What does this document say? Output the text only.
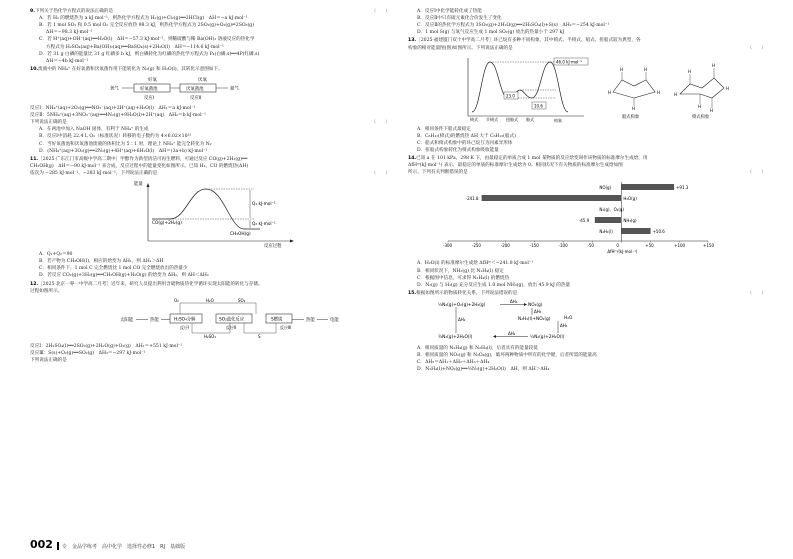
9.下列关于热化学方程式的说法正确的是	（　　）
A．若 H₂ 的燃烧热为 a kJ·mol⁻¹，则热化学方程式为 H₂(g)+Cl₂(g)══2HCl(g)　ΔH＝−a kJ·mol⁻¹
B．若 1 mol SO₂ 和 0.5 mol O₂ 完全反应放热 98.3 kJ，则热化学方程式为 2SO₂(g)+O₂(g)⇌2SO₃(g)
ΔH＝−98.3 kJ·mol⁻¹
C．若 H⁺(aq)+OH⁻(aq)══H₂O(l)　ΔH＝−57.3 kJ·mol⁻¹，则稀硫酸与稀 Ba(OH)₂ 溶液反应的热化学
方程式为 H₂SO₄(aq)+Ba(OH)₂(aq)══BaSO₄(s)+2H₂O(l)　ΔH＝−114.6 kJ·mol⁻¹
D．若 31 g 白磷的能量比 31 g 红磷多 b kJ，则白磷转化为红磷的热化学方程式为 P₄(白磷,s)══4P(红磷,s)
ΔH＝−4b kJ·mol⁻¹
10.废液中的 NH₄⁺ 在好氧菌和厌氧菌作用下能转化为 N₂(g) 和 H₂O(l)，其转化示意图如下。
好氧	厌氧
好氧菌池	厌氧菌池
氧气	氮气
反应Ⅰ	反应Ⅱ
反应Ⅰ：NH₄⁺(aq)+2O₂(g)══NO₃⁻(aq)+2H⁺(aq)+H₂O(l)　ΔH₁＝a kJ·mol⁻¹
反应Ⅱ：5NH₄⁺(aq)+3NO₃⁻(aq)══4N₂(g)+9H₂O(l)+2H⁺(aq)　ΔH₂＝b kJ·mol⁻¹
下列说法正确的是	（　　）
A．在两池中加入 NaOH 固体，有利于 NH₄⁺ 的生成
B．反应Ⅰ中消耗 22.4 L O₂（标准状况）转移的电子数约为 4×6.02×10²³
C．当好氧菌池和厌氧菌池废液的体积比为 5∶1 时，理论上 NH₄⁺ 能完全转化为 N₂
D．(NH₄⁺(aq)+3O₂(g)══2N₂(g)+4H⁺(aq)+6H₂O(l)　ΔH＝(3a+b) kJ·mol⁻¹
11.［2025·广东江门市高级中学高二期中］甲醇作为新型清洁可再生燃料，可通过反应 CO(g)+2H₂(g)══
CH₃OH(g)　ΔH＝−90 kJ·mol⁻¹ 来合成，反应过程中的能量变化如图所示。已知 H₂、CO 的燃烧热(ΔH)
依次为 −285 kJ·mol⁻¹、−283 kJ·mol⁻¹，下列说法正确的是	（　　）
能量
反应过程
Q₁ kJ·mol⁻¹
Q₂ kJ·mol⁻¹
CO(g)+2H₂(g)
CH₃OH(g)
A．Q₁+Q₂＝90
B．若产物为 CH₃OH(l)，相应的焓变为 ΔH₁，则 ΔH₁＞ΔH
C．相同条件下，1 mol C 完全燃烧比 1 mol CO 完全燃烧放出的热量少
D．若反应 CO₂(g)+3H₂(g)══CH₃OH(g)+H₂O(g) 的焓变为 ΔH₂，则 ΔH＜ΔH₂
12.［2025·北京一零一中学高二月考］近年来，研究人员提出利用含硫物质热化学循环实现太阳能的转化与存储。
过程如图所示。
太阳能	热能	H₂SO₄分解	SO₂歧化反应	S燃烧	热能	电能
O₂	H₂O	SO₂
H₂SO₄	S
反应Ⅰ	反应Ⅱ	反应Ⅲ
反应Ⅰ：2H₂SO₄(l)══2SO₂(g)+2H₂O(g)+O₂(g)　ΔH₁＝+551 kJ·mol⁻¹
反应Ⅲ：S(s)+O₂(g)══SO₂(g)　ΔH₃＝−297 kJ·mol⁻¹
下列说法正确的是
A．反应Ⅰ中化学能转化成了热能
B．反应Ⅱ中只有硫元素化合价发生了变化
C．反应Ⅱ的热化学方程式为 3SO₂(g)+2H₂O(g)══2H₂SO₄(l)+S(s)　ΔH₂＝−254 kJ·mol⁻¹
D．1 mol S(g) 与氧气反应生成 1 mol SO₂(g) 放出的热量小于 297 kJ
13.［2025·福建厦门双十中学高二月考］环己烷有多种不同构象，其中椅式、半椅式、船式、扭船式较为典型，各
构象的相对能量图(图)如图所示。下列说法正确的是	（　　）
构象
46.0 kJ·mol⁻¹
23.0
10.6
椅式 半椅式 扭船式 船式
H	H
H	H
H
船式构象
H
H
H
H
H
H
椅式构象
A．相同条件下船式最稳定
B．C₆H₁₂(椅式)的燃烧热 ΔH 大于 C₆H₁₂(船式)
C．船式和椅式构象中的环己烷互为同素异形体
D．扭船式构象转化为椅式构象吸收能量
14.已知 a 在 101 kPa、298 K 下，由最稳定的单质合成 1 mol 某物质的反应焓变叫作该物质的标准摩尔生成焓，用
ΔfHᵐ(kJ·mol⁻¹) 表示，最稳定的单质的标准摩尔生成焓为 0。相同状况下有关物质的标准摩尔生成焓如图
所示，下列有关判断错误的是	（　　）
-300	-250	-200	-150	-100	-50	0	+50	+100	+150
ΔfHᵐ/(kJ·mol⁻¹)
NO(g)	+91.3
H₂O(g)
-241.8
N₂(g)、O₂(g)
NH₃(g)
-45.9
N₂H₄(l)	+50.6
A．H₂O(l) 的标准摩尔生成焓 ΔfHᵐ＜−241.8 kJ·mol⁻¹
B．相同状况下，NH₃(g) 比 N₂H₄(l) 稳定
C．根据图中信息，可求得 N₂H₄(l) 的燃烧热
D．N₂(g) 与 H₂(g) 充分反应生成 1.0 mol NH₃(g)，放出 45.9 kJ 的热量
15.根据如图所示的物质转化关系，下列说法错误的是	（　　）
½N₂(g)+O₂(g)+2H₂(g)
ΔH₁
NO₂(g)
ΔH₂
ΔH₃
N₂H₄(l)+NO₂(g)
ΔH₅
H₂O
³⁄₂N₂(g)+2H₂O(l)
ΔH₄
½N₂(g)+2H₂O(l)
A．相同质量的 N₂H₄(g) 和 N₂H₄(l)，后者具有的能量较低
B．相同质量的 NO₂(g) 和 N₂O₄(g)，破坏两种物质中所有的化学键，后者所需的能量高
C．ΔH₅＝ΔH₁＋ΔH₂＋ΔH₃＋ΔH₄
D．N₂H₄(l)+NO₂(g)══³⁄₂N₂(g)+2H₂O(l)　ΔH，则 ΔH＞ΔH₄
002 专　金品学练考　高中化学　选择性必修1　RJ　基础版
